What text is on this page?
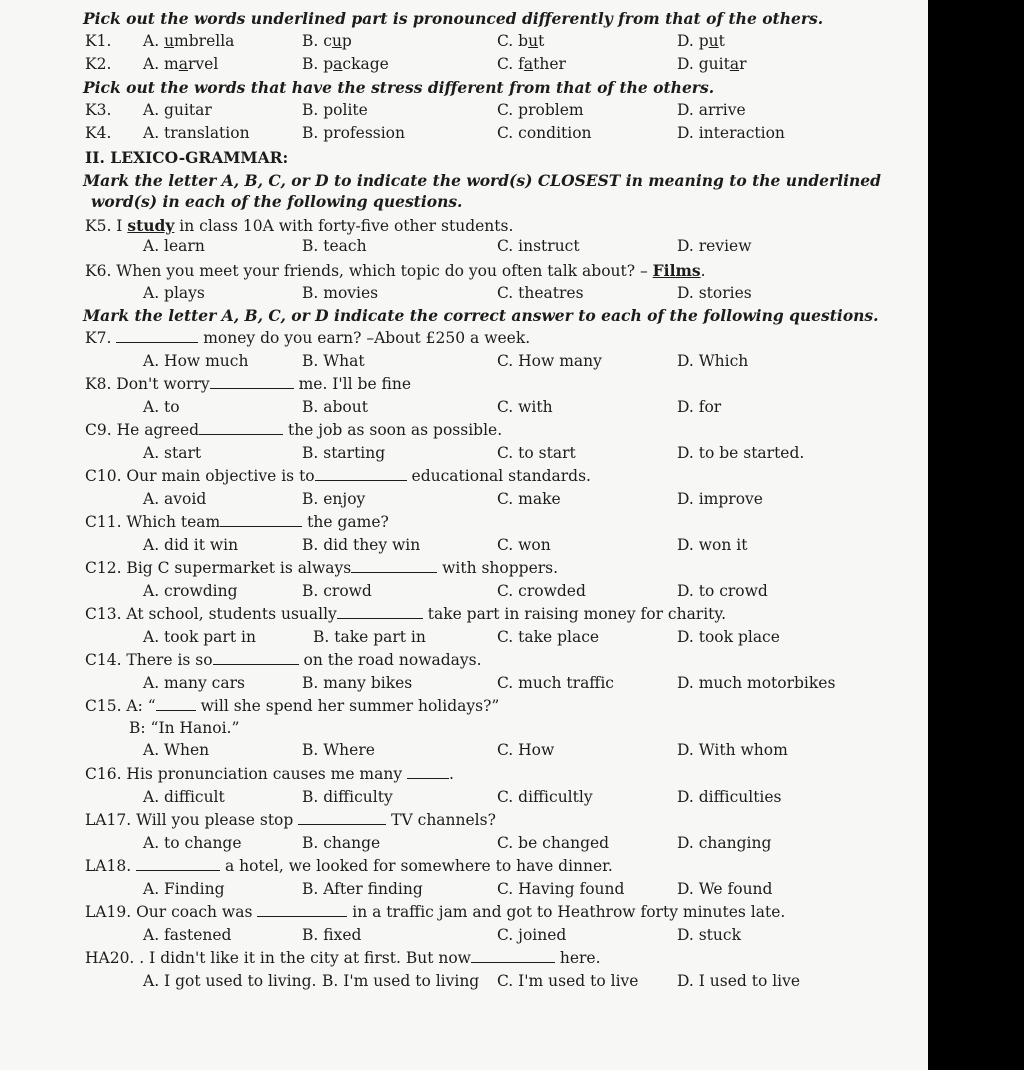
Pick out the words underlined part is pronounced differently from that of the others.
K1. A. umbrella	B. cup	C. but	D. put
K2. A. marvel	B. package	C. father	D. guitar
Pick out the words that have the stress different from that of the others.
K3. A. guitar	B. polite	C. problem	D. arrive
K4. A. translation	B. profession	C. condition	D. interaction
II. LEXICO-GRAMMAR:
Mark the letter A, B, C, or D to indicate the word(s) CLOSEST in meaning to the underlined
word(s) in each of the following questions.
K5. I study in class 10A with forty-five other students.
A. learn	B. teach	C. instruct	D. review
K6. When you meet your friends, which topic do you often talk about? – Films.
A. plays	B. movies	C. theatres	D. stories
Mark the letter A, B, C, or D indicate the correct answer to each of the following questions.
K7.	money do you earn? –About £250 a week.
A. How much	B. What	C. How many	D. Which
K8. Don't worry	me. I'll be fine
A. to	B. about	C. with	D. for
C9. He agreed	the job as soon as possible.
A. start	B. starting	C. to start	D. to be started.
C10. Our main objective is to	educational standards.
A. avoid	B. enjoy	C. make	D. improve
C11. Which team	the game?
A. did it win	B. did they win	C. won	D. won it
C12. Big C supermarket is always	with shoppers.
A. crowding	B. crowd	C. crowded	D. to crowd
C13. At school, students usually	take part in raising money for charity.
A. took part in	B. take part in	C. take place	D. took place
C14. There is so	on the road nowadays.
A. many cars	B. many bikes	C. much traffic	D. much motorbikes
C15. A: “	will she spend her summer holidays?”
B: “In Hanoi.”
A. When	B. Where	C. How	D. With whom
C16. His pronunciation causes me many	.
A. difficult	B. difficulty	C. difficultly	D. difficulties
LA17. Will you please stop	TV channels?
A. to change	B. change	C. be changed	D. changing
LA18.	a hotel, we looked for somewhere to have dinner.
A. Finding	B. After finding	C. Having found	D. We found
LA19. Our coach was	in a traffic jam and got to Heathrow forty minutes late.
A. fastened	B. fixed	C. joined	D. stuck
HA20. . I didn't like it in the city at first. But now	here.
A. I got used to living. B. I'm used to living C. I'm used to live D. I used to live
